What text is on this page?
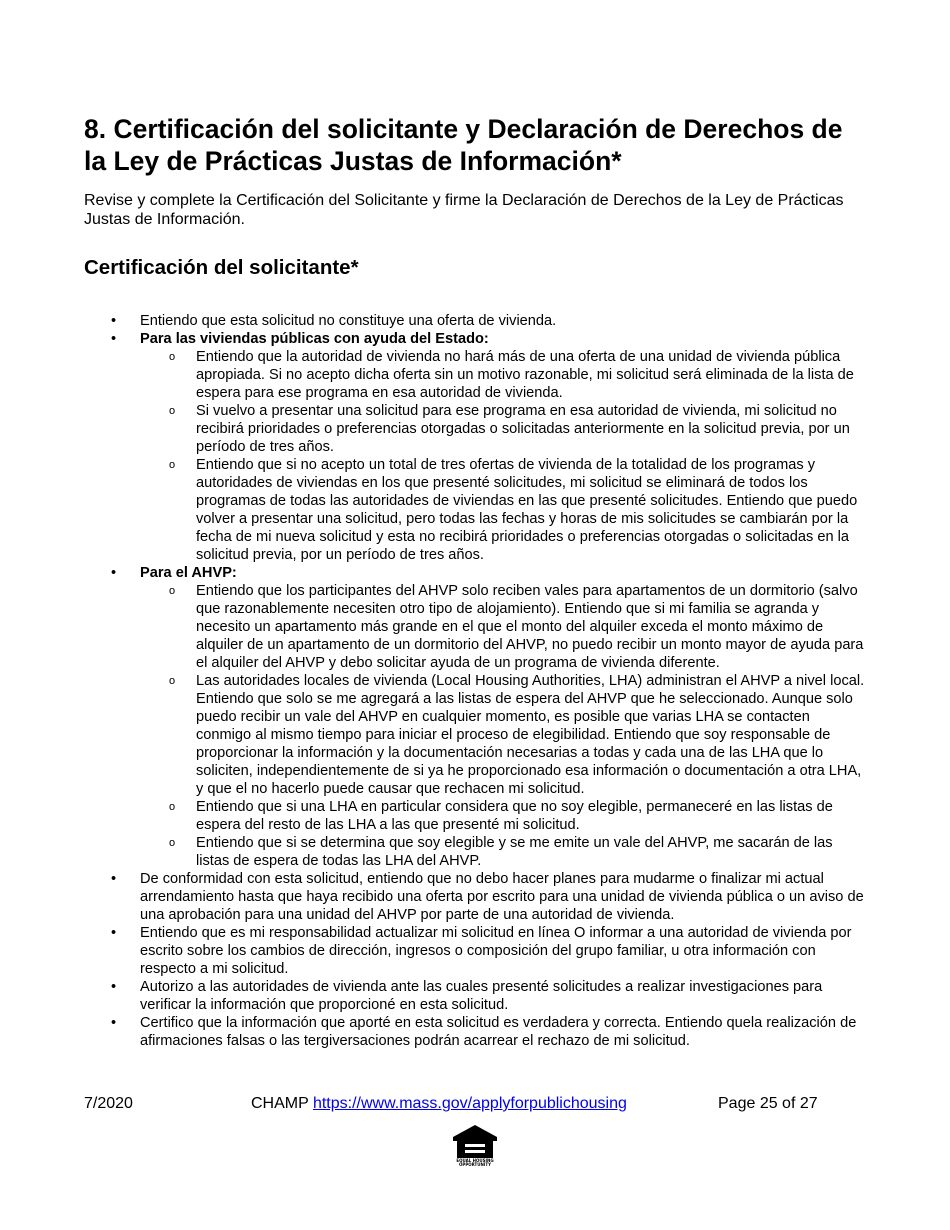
8. Certificación del solicitante y Declaración de Derechos de la Ley de Prácticas Justas de Información*

Revise y complete la Certificación del Solicitante y firme la Declaración de Derechos de la Ley de Prácticas Justas de Información.

Certificación del solicitante*
• Entiendo que esta solicitud no constituye una oferta de vivienda.
• Para las viviendas públicas con ayuda del Estado:
o Entiendo que la autoridad de vivienda no hará más de una oferta de una unidad de vivienda pública apropiada. Si no acepto dicha oferta sin un motivo razonable, mi solicitud será eliminada de la lista de espera para ese programa en esa autoridad de vivienda.
o Si vuelvo a presentar una solicitud para ese programa en esa autoridad de vivienda, mi solicitud no recibirá prioridades o preferencias otorgadas o solicitadas anteriormente en la solicitud previa, por un período de tres años.
o Entiendo que si no acepto un total de tres ofertas de vivienda de la totalidad de los programas y autoridades de viviendas en los que presenté solicitudes, mi solicitud se eliminará de todos los programas de todas las autoridades de viviendas en las que presenté solicitudes. Entiendo que puedo volver a presentar una solicitud, pero todas las fechas y horas de mis solicitudes se cambiarán por la fecha de mi nueva solicitud y esta no recibirá prioridades o preferencias otorgadas o solicitadas en la solicitud previa, por un período de tres años.
• Para el AHVP:
o Entiendo que los participantes del AHVP solo reciben vales para apartamentos de un dormitorio (salvo que razonablemente necesiten otro tipo de alojamiento). Entiendo que si mi familia se agranda y necesito un apartamento más grande en el que el monto del alquiler exceda el monto máximo de alquiler de un apartamento de un dormitorio del AHVP, no puedo recibir un monto mayor de ayuda para el alquiler del AHVP y debo solicitar ayuda de un programa de vivienda diferente.
o Las autoridades locales de vivienda (Local Housing Authorities, LHA) administran el AHVP a nivel local. Entiendo que solo se me agregará a las listas de espera del AHVP que he seleccionado. Aunque solo puedo recibir un vale del AHVP en cualquier momento, es posible que varias LHA se contacten conmigo al mismo tiempo para iniciar el proceso de elegibilidad. Entiendo que soy responsable de proporcionar la información y la documentación necesarias a todas y cada una de las LHA que lo soliciten, independientemente de si ya he proporcionado esa información o documentación a otra LHA, y que el no hacerlo puede causar que rechacen mi solicitud.
o Entiendo que si una LHA en particular considera que no soy elegible, permaneceré en las listas de espera del resto de las LHA a las que presenté mi solicitud.
o Entiendo que si se determina que soy elegible y se me emite un vale del AHVP, me sacarán de las listas de espera de todas las LHA del AHVP.
• De conformidad con esta solicitud, entiendo que no debo hacer planes para mudarme o finalizar mi actual arrendamiento hasta que haya recibido una oferta por escrito para una unidad de vivienda pública o un aviso de una aprobación para una unidad del AHVP por parte de una autoridad de vivienda.
• Entiendo que es mi responsabilidad actualizar mi solicitud en línea O informar a una autoridad de vivienda por escrito sobre los cambios de dirección, ingresos o composición del grupo familiar, u otra información con respecto a mi solicitud.
• Autorizo a las autoridades de vivienda ante las cuales presenté solicitudes a realizar investigaciones para verificar la información que proporcioné en esta solicitud.
• Certifico que la información que aporté en esta solicitud es verdadera y correcta. Entiendo quela realización de afirmaciones falsas o las tergiversaciones podrán acarrear el rechazo de mi solicitud.
7/2020	CHAMP https://www.mass.gov/applyforpublichousing	Page 25 of 27
EQUAL HOUSING
OPPORTUNITY
